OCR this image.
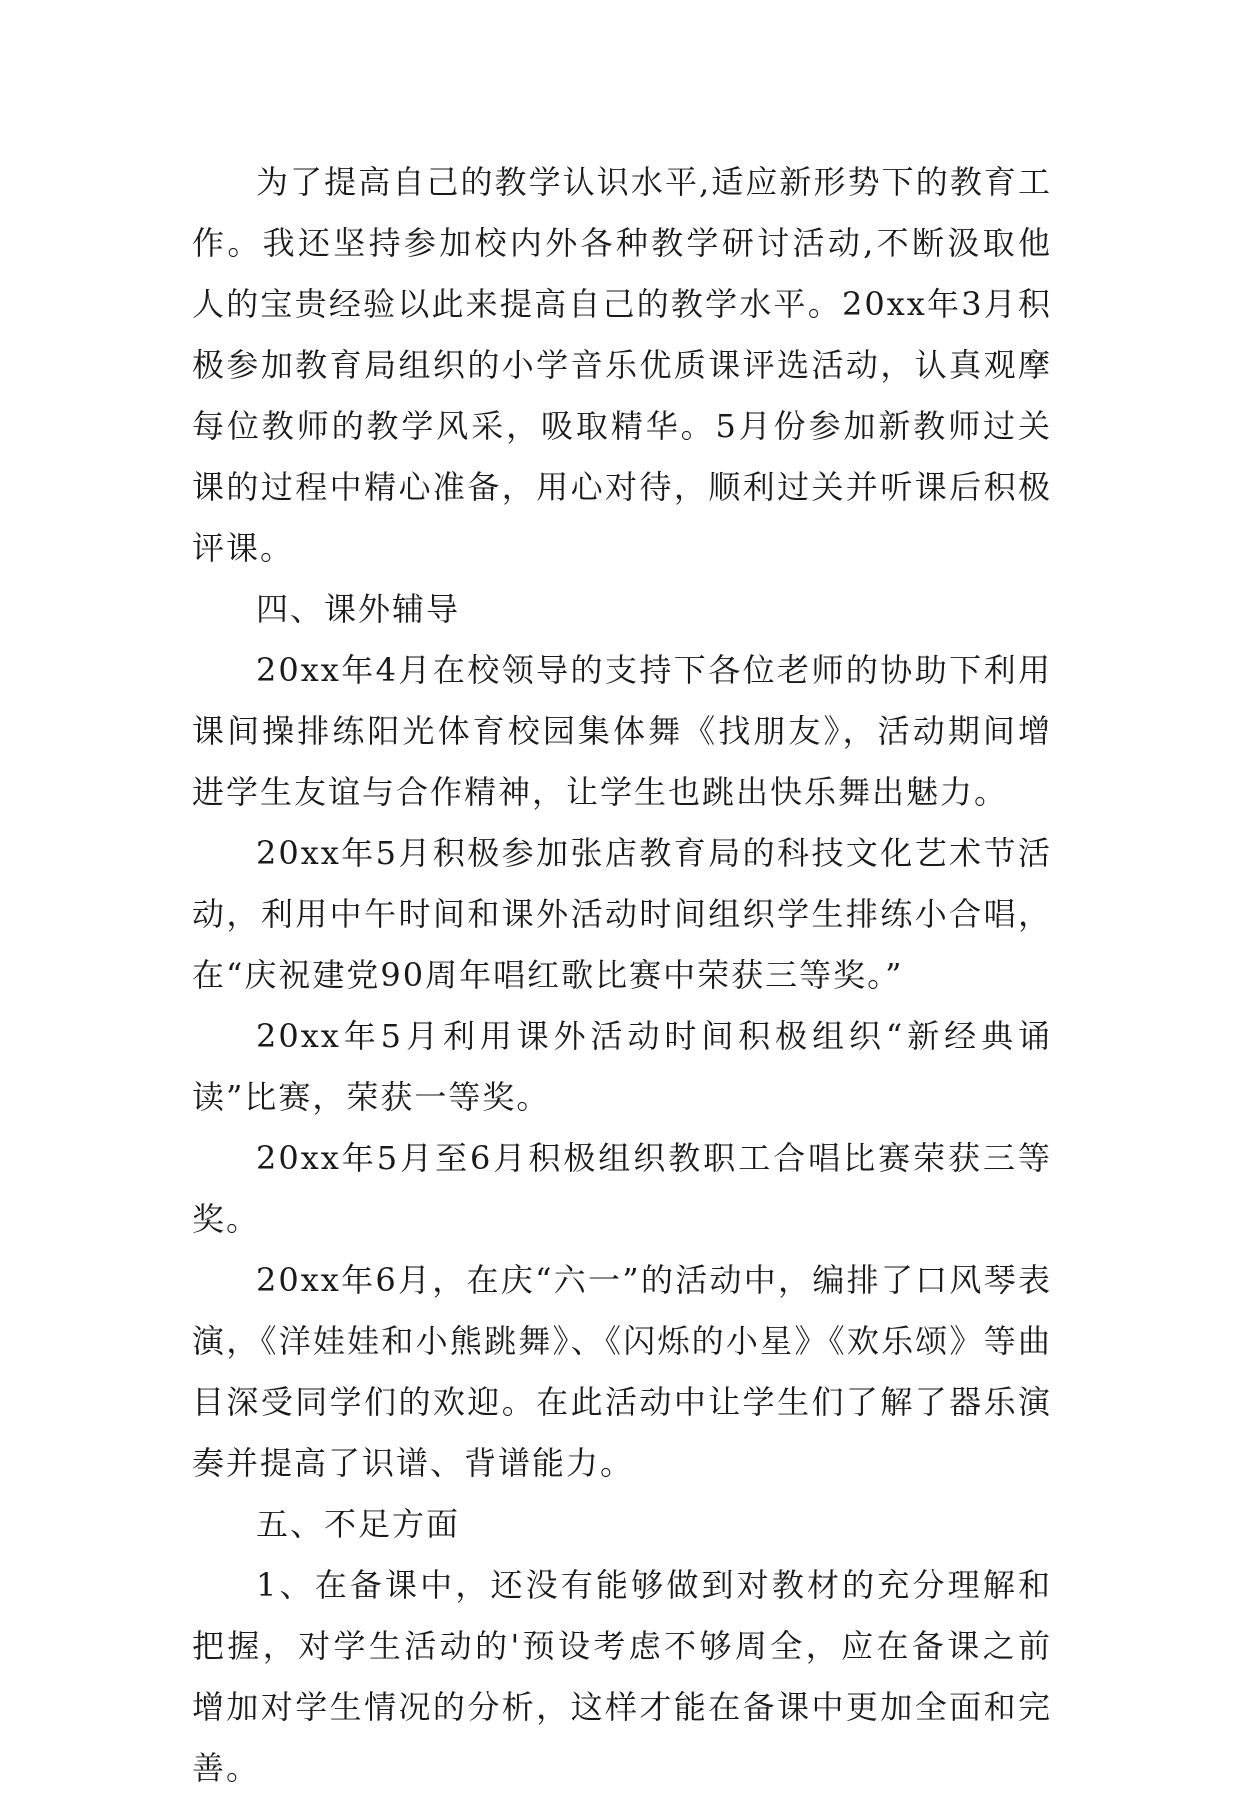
为了提高自己的教学认识水平,适应新形势下的教育工作。我还坚持参加校内外各种教学研讨活动,不断汲取他人的宝贵经验以此来提高自己的教学水平。20xx年3月积极参加教育局组织的小学音乐优质课评选活动，认真观摩每位教师的教学风采，吸取精华。5月份参加新教师过关课的过程中精心准备，用心对待，顺利过关并听课后积极评课。

四、课外辅导

20xx年4月在校领导的支持下各位老师的协助下利用课间操排练阳光体育校园集体舞《找朋友》，活动期间增进学生友谊与合作精神，让学生也跳出快乐舞出魅力。

20xx年5月积极参加张店教育局的科技文化艺术节活动，利用中午时间和课外活动时间组织学生排练小合唱，在“庆祝建党90周年唱红歌比赛中荣获三等奖。”

20xx年5月利用课外活动时间积极组织“新经典诵读”比赛，荣获一等奖。

20xx年5月至6月积极组织教职工合唱比赛荣获三等奖。

20xx年6月，在庆“六一”的活动中，编排了口风琴表演，《洋娃娃和小熊跳舞》、《闪烁的小星》《欢乐颂》等曲目深受同学们的欢迎。在此活动中让学生们了解了器乐演奏并提高了识谱、背谱能力。

五、不足方面

1、在备课中，还没有能够做到对教材的充分理解和把握，对学生活动的'预设考虑不够周全，应在备课之前增加对学生情况的分析，这样才能在备课中更加全面和完善。
